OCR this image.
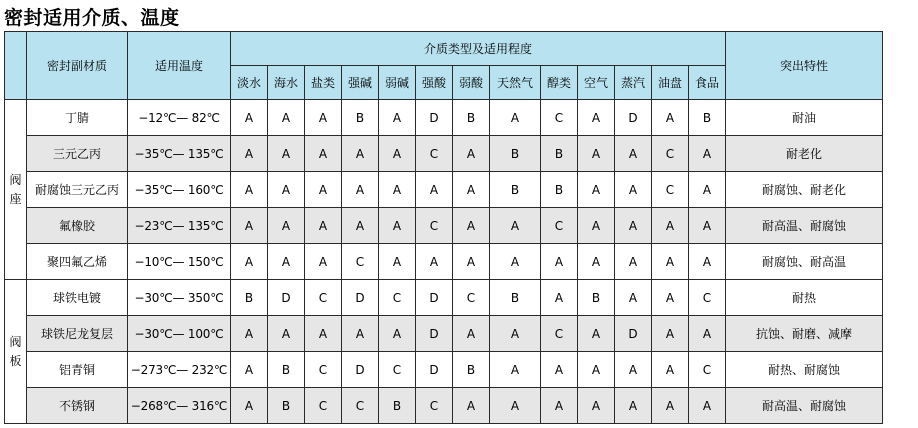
密封适用介质、温度
	密封副材质	适用温度	介质类型及适用程度													突出特性
			淡水	海水	盐类	强碱	弱碱	强酸	弱酸	天然气	醇类	空气	蒸汽	油盘	食品	

阀
座	丁腈	−12℃— 82℃	A	A	A	B	A	D	B	A	C	A	D	A	B	耐油
	三元乙丙	−35℃— 135℃	A	A	A	A	A	C	A	B	B	A	A	C	A	耐老化
	耐腐蚀三元乙丙	−35℃— 160℃	A	A	A	A	A	A	A	B	B	A	A	C	A	耐腐蚀、耐老化
	氟橡胶	−23℃— 135℃	A	A	A	A	A	C	A	A	C	A	A	A	A	耐高温、耐腐蚀
	聚四氟乙烯	−10℃— 150℃	A	A	A	C	A	A	A	A	A	A	A	A	A	耐腐蚀、耐高温

阀
板	球铁电镀	−30℃— 350℃	B	D	C	D	C	D	C	B	A	B	A	A	C	耐热
	球铁尼龙复层	−30℃— 100℃	A	A	A	A	A	D	A	A	C	A	D	A	A	抗蚀、耐磨、减摩
	铝青铜	−273℃— 232℃	A	B	C	D	C	D	B	A	A	A	A	A	C	耐热、耐腐蚀
	不锈钢	−268℃— 316℃	A	B	C	C	B	C	A	A	A	A	A	A	A	耐高温、耐腐蚀
